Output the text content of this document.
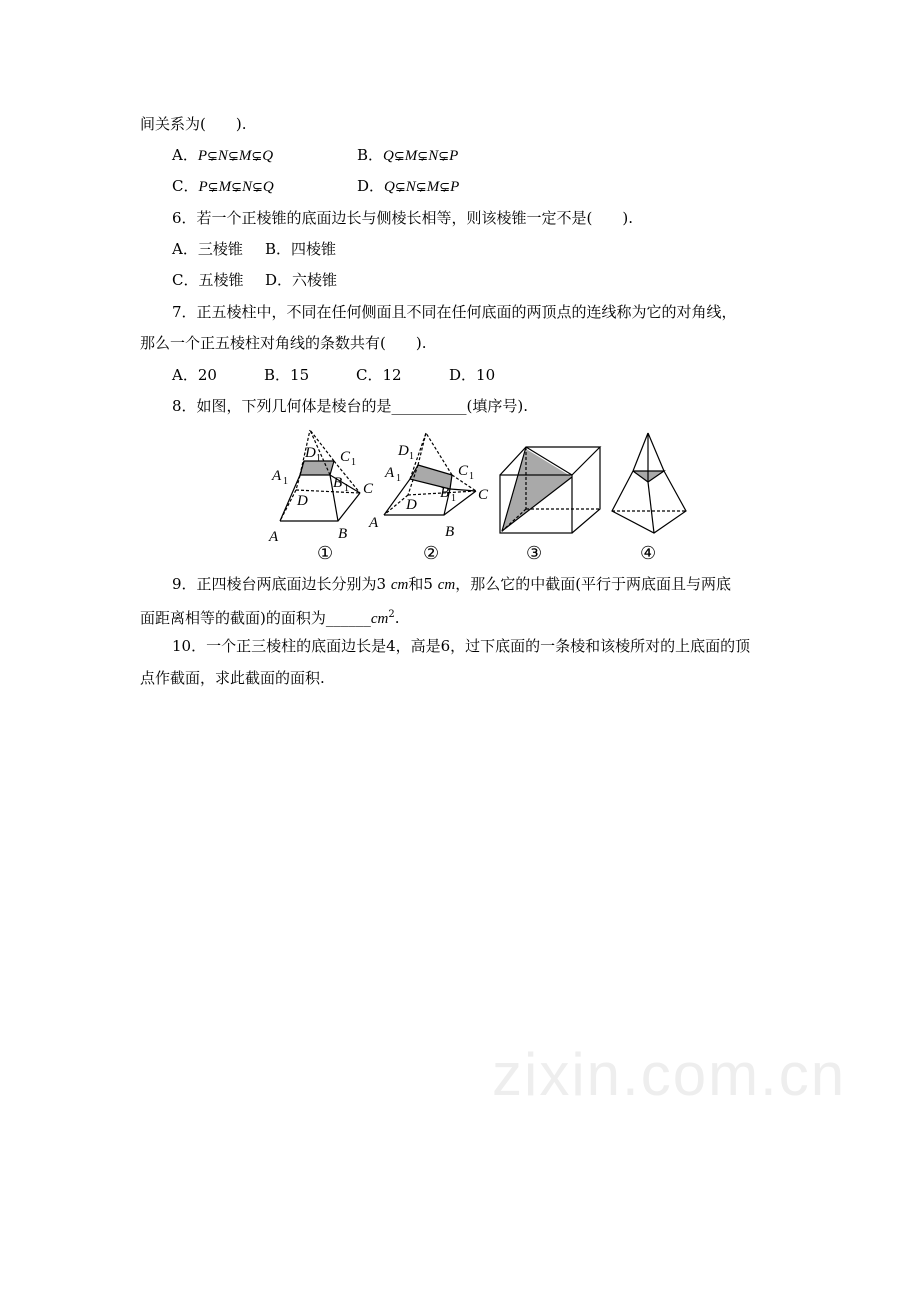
间关系为(　　).
A．P⊊N⊊M⊊Q	B．Q⊊M⊊N⊊P
C．P⊊M⊊N⊊Q	D．Q⊊N⊊M⊊P
6．若一个正棱锥的底面边长与侧棱长相等，则该棱锥一定不是(　　).
A．三棱锥 B．四棱锥
C．五棱锥 D．六棱锥
7．正五棱柱中，不同在任何侧面且不同在任何底面的两顶点的连线称为它的对角线，
那么一个正五棱柱对角线的条数共有(　　).
A．20	B．15	C．12	D．10
8．如图，下列几何体是棱台的是__________(填序号).
A	B
C
D
A 1	B 1
C 1
D 1
A
B
C
D
A 1
B 1
C 1
D 1
①	②	③	④
9．正四棱台两底面边长分别为3 cm和5 cm，那么它的中截面(平行于两底面且与两底
面距离相等的截面)的面积为$\_\_\_\_\_\_cm^2$.
10．一个正三棱柱的底面边长是4，高是6，过下底面的一条棱和该棱所对的上底面的顶
点作截面，求此截面的面积.
zixin.com.cn
